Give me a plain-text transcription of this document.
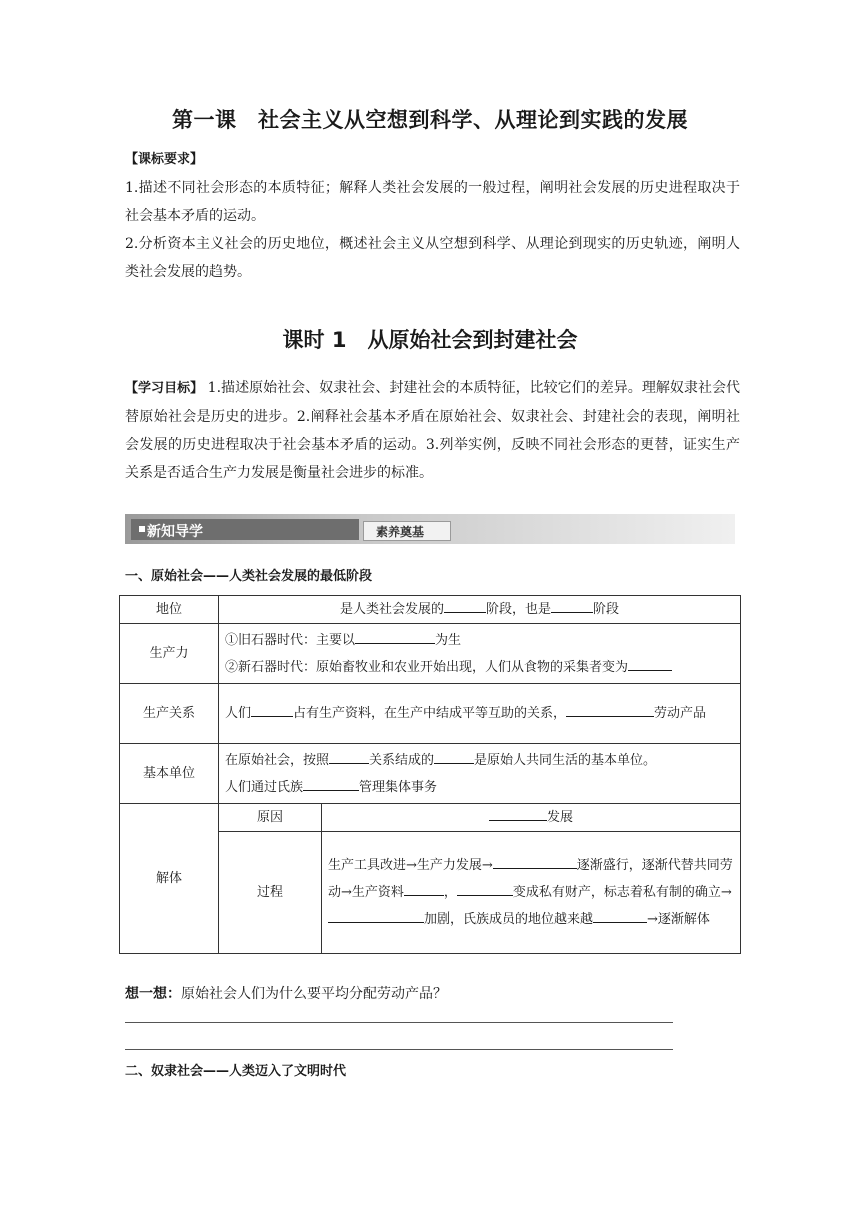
第一课　社会主义从空想到科学、从理论到实践的发展
【课标要求】
1.描述不同社会形态的本质特征；解释人类社会发展的一般过程，阐明社会发展的历史进程取决于社会基本矛盾的运动。
2.分析资本主义社会的历史地位，概述社会主义从空想到科学、从理论到现实的历史轨迹，阐明人类社会发展的趋势。
课时 1　从原始社会到封建社会
【学习目标】 1.描述原始社会、奴隶社会、封建社会的本质特征，比较它们的差异。理解奴隶社会代替原始社会是历史的进步。2.阐释社会基本矛盾在原始社会、奴隶社会、封建社会的表现，阐明社会发展的历史进程取决于社会基本矛盾的运动。3.列举实例，反映不同社会形态的更替，证实生产关系是否适合生产力发展是衡量社会进步的标准。
新知导学	素养奠基
一、原始社会——人类社会发展的最低阶段
地位	是人类社会发展的 阶段，也是 阶段	
生产力	①旧石器时代：主要以 为生
②新石器时代：原始畜牧业和农业开始出现，人们从食物的采集者变为	

生产关系	人们 占有生产资料，在生产中结成平等互助的关系， 劳动产品	
基本单位	在原始社会，按照 关系结成的 是原始人共同生活的基本单位。
人们通过氏族 管理集体事务	

解体	原因	发展
	过程	生产工具改进→生产力发展→ 逐渐盛行，逐渐代替共同劳动→生产资料 ， 变成私有财产，标志着私有制的确立→加剧，氏族成员的地位越来越 →逐渐解体
想一想：原始社会人们为什么要平均分配劳动产品？
二、奴隶社会——人类迈入了文明时代
